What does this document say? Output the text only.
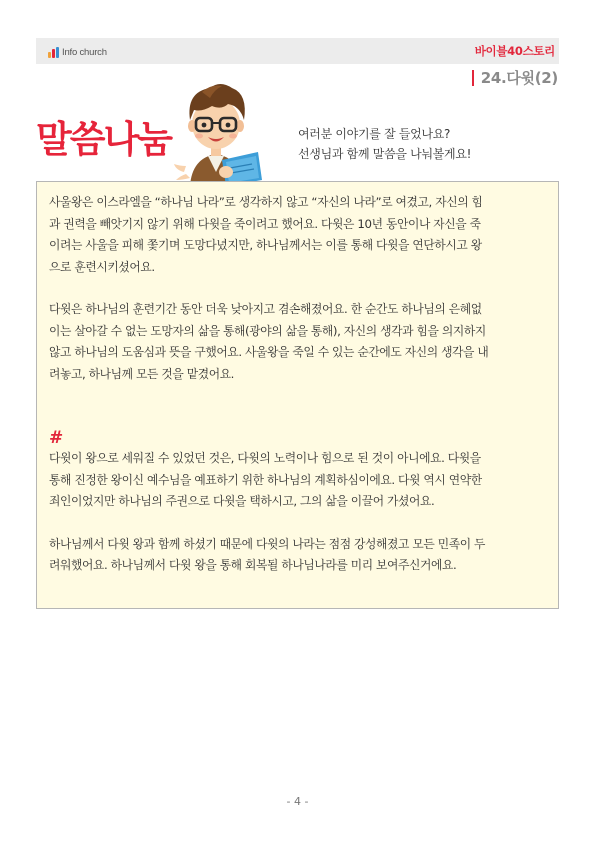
Info church	바이블40스토리
24.다윗(2)
말씀나눔	여러분 이야기를 잘 들었나요?
선생님과 함께 말씀을 나눠볼게요!

사울왕은 이스라엘을 “하나님 나라”로 생각하지 않고 “자신의 나라”로 여겼고, 자신의 힘
과 권력을 빼앗기지 않기 위해 다윗을 죽이려고 했어요. 다윗은 10년 동안이나 자신을 죽
이려는 사울을 피해 쫓기며 도망다녔지만, 하나님께서는 이를 통해 다윗을 연단하시고 왕
으로 훈련시키셨어요.

다윗은 하나님의 훈련기간 동안 더욱 낮아지고 겸손해졌어요. 한 순간도 하나님의 은혜없
이는 살아갈 수 없는 도망자의 삶을 통해(광야의 삶을 통해), 자신의 생각과 힘을 의지하지
않고 하나님의 도움심과 뜻을 구했어요. 사울왕을 죽일 수 있는 순간에도 자신의 생각을 내
려놓고, 하나님께 모든 것을 맡겼어요.

#

다윗이 왕으로 세워질 수 있었던 것은, 다윗의 노력이나 힘으로 된 것이 아니에요. 다윗을
통해 진정한 왕이신 예수님을 예표하기 위한 하나님의 계획하심이에요. 다윗 역시 연약한
죄인이었지만 하나님의 주권으로 다윗을 택하시고, 그의 삶을 이끌어 가셨어요.

하나님께서 다윗 왕과 함께 하셨기 때문에 다윗의 나라는 점점 강성해졌고 모든 민족이 두
려워했어요. 하나님께서 다윗 왕을 통해 회복될 하나님나라를 미리 보여주신거에요.

- 4 -
